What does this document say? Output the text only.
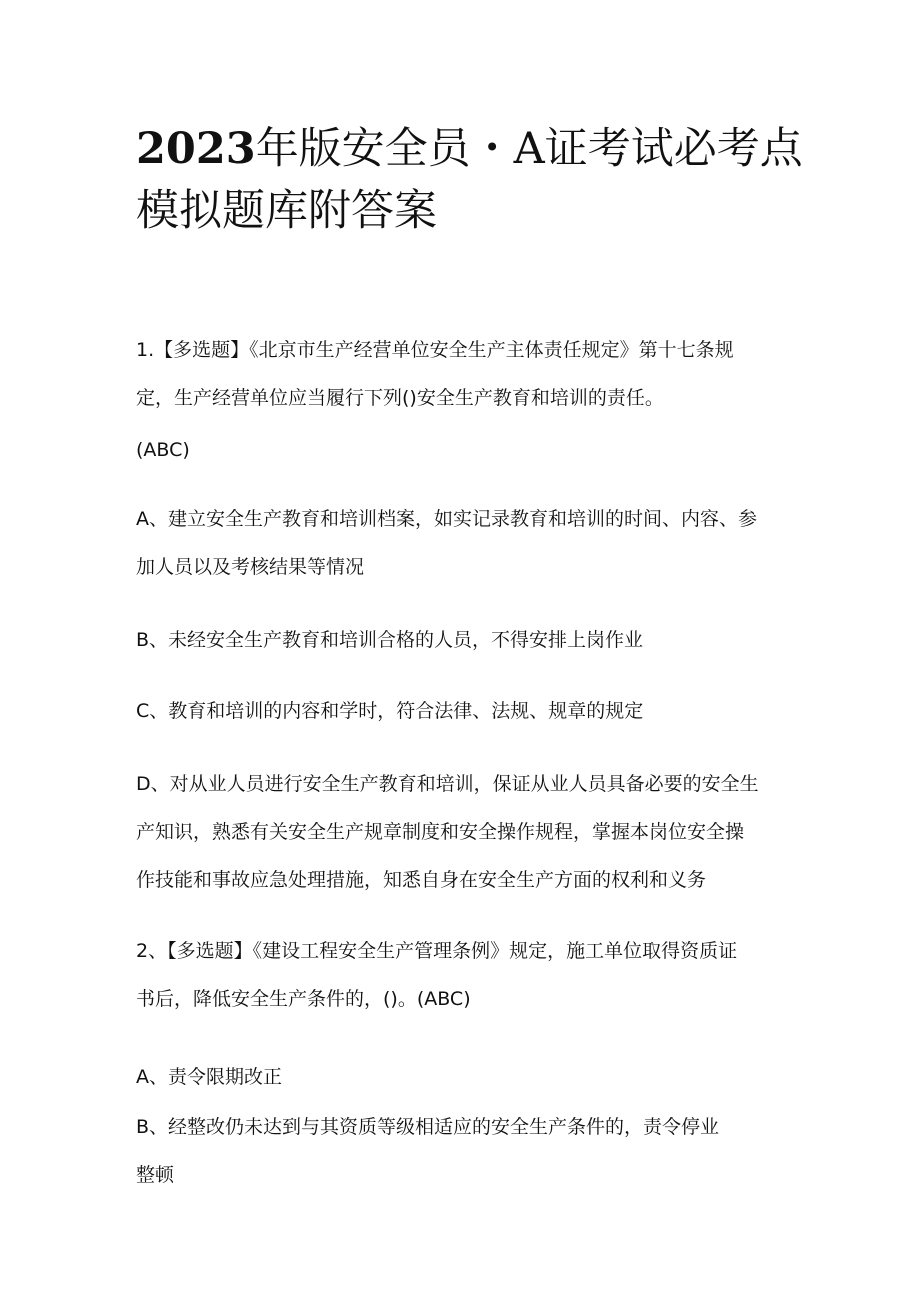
2023年版安全员・A证考试必考点
模拟题库附答案

1.【多选题】《北京市生产经营单位安全生产主体责任规定》第十七条规

定，生产经营单位应当履行下列()安全生产教育和培训的责任。

(ABC)

A、建立安全生产教育和培训档案，如实记录教育和培训的时间、内容、参

加人员以及考核结果等情况

B、未经安全生产教育和培训合格的人员，不得安排上岗作业

C、教育和培训的内容和学时，符合法律、法规、规章的规定

D、对从业人员进行安全生产教育和培训，保证从业人员具备必要的安全生

产知识，熟悉有关安全生产规章制度和安全操作规程，掌握本岗位安全操

作技能和事故应急处理措施，知悉自身在安全生产方面的权利和义务

2、【多选题】《建设工程安全生产管理条例》规定，施工单位取得资质证

书后，降低安全生产条件的，()。(ABC)

A、责令限期改正

B、经整改仍未达到与其资质等级相适应的安全生产条件的，责令停业

整顿
